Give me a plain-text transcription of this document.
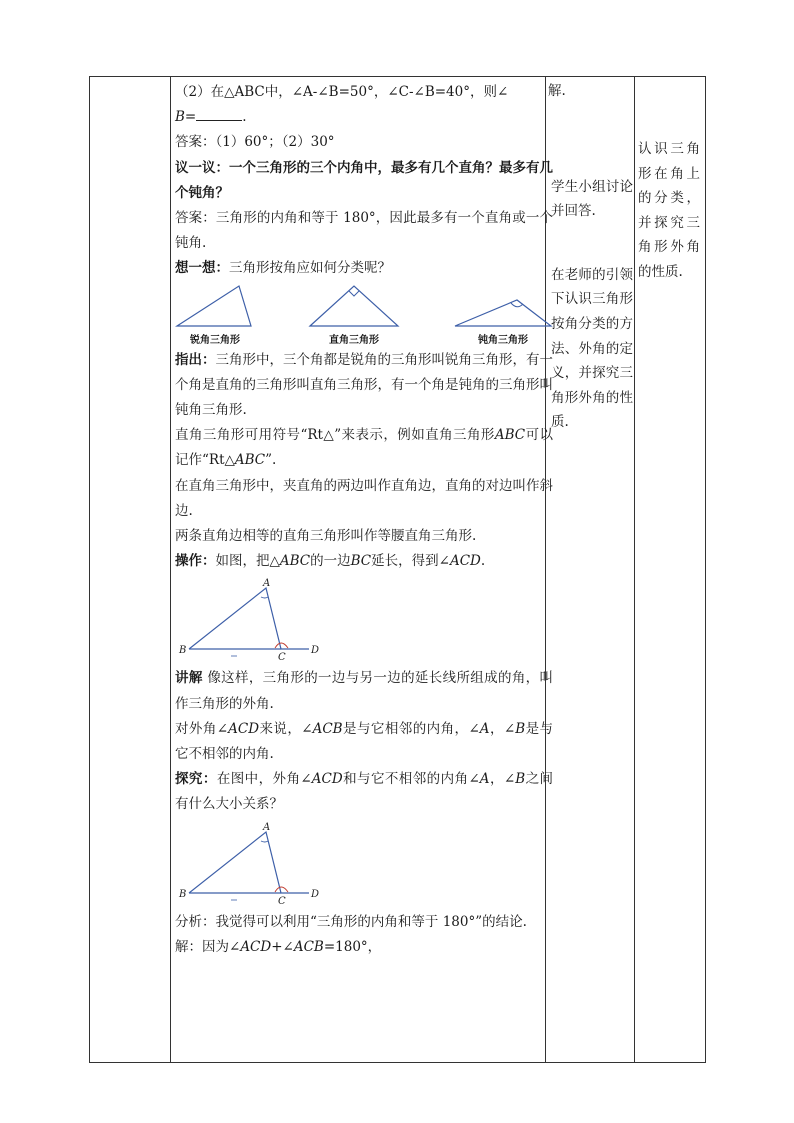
（2）在△ABC中，∠A-∠B=50°，∠C-∠B=40°，则∠

B=	.

答案：（1）60°；（2）30°

议一议：一个三角形的三个内角中，最多有几个直角？最多有几个钝角？

答案：三角形的内角和等于 180°，因此最多有一个直角或一个钝角.

想一想：三角形按角应如何分类呢？

锐角三角形	直角三角形	钝角三角形

指出：三角形中，三个角都是锐角的三角形叫锐角三角形，有一个角是直角的三角形叫直角三角形，有一个角是钝角的三角形叫钝角三角形.

直角三角形可用符号“Rt△”来表示，例如直角三角形ABC可以记作“Rt△ABC”.

在直角三角形中，夹直角的两边叫作直角边，直角的对边叫作斜边.

两条直角边相等的直角三角形叫作等腰直角三角形.

操作：如图，把△ABC的一边BC延长，得到∠ACD.

A
B
C
D

讲解 像这样，三角形的一边与另一边的延长线所组成的角，叫作三角形的外角.

对外角∠ACD来说，∠ACB是与它相邻的内角，∠A，∠B是与它不相邻的内角.

探究：在图中，外角∠ACD和与它不相邻的内角∠A，∠B之间有什么大小关系？

A
B
C
D

分析：我觉得可以利用“三角形的内角和等于 180°”的结论.

解：因为∠ACD+∠ACB=180°，

解.

学生小组讨论并回答.

在老师的引领下认识三角形按角分类的方法、外角的定义，并探究三角形外角的性质.

认识三角形在角上的分类，并探究三角形外角的性质.
